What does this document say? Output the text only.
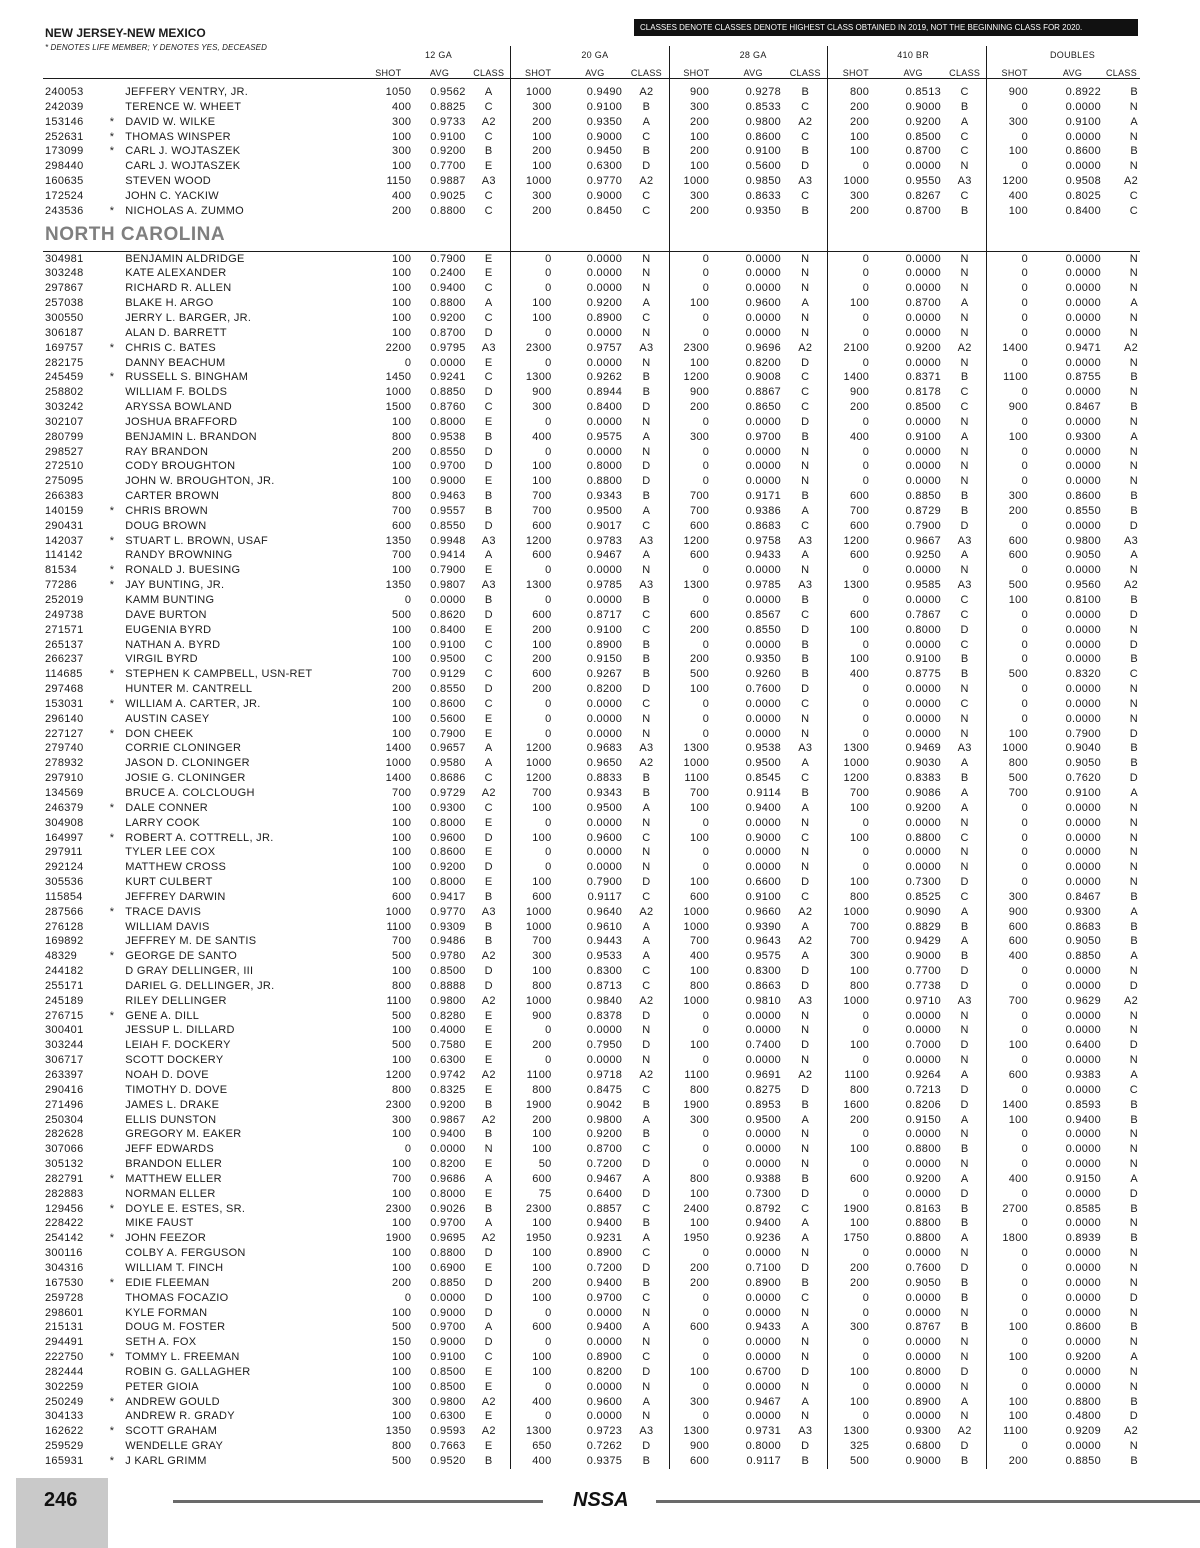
NEW JERSEY-NEW MEXICO
* DENOTES LIFE MEMBER; Y DENOTES YES, DECEASED
CLASSES DENOTE CLASSES DENOTE HIGHEST CLASS OBTAINED IN 2019, NOT THE BEGINNING CLASS FOR 2020.
				12 GA			20 GA			28 GA			410 BR			DOUBLES	
			SHOT	AVG	CLASS	SHOT	AVG	CLASS	SHOT	AVG	CLASS	SHOT	AVG	CLASS	SHOT	AVG	CLASS

240053		JEFFERY VENTRY, JR.	1050	0.9562	A	1000	0.9490	A2	900	0.9278	B	800	0.8513	C	900	0.8922	B
242039		TERENCE W. WHEET	400	0.8825	C	300	0.9100	B	300	0.8533	C	200	0.9000	B	0	0.0000	N
153146	*	DAVID W. WILKE	300	0.9733	A2	200	0.9350	A	200	0.9800	A2	200	0.9200	A	300	0.9100	A
252631	*	THOMAS WINSPER	100	0.9100	C	100	0.9000	C	100	0.8600	C	100	0.8500	C	0	0.0000	N
173099	*	CARL J. WOJTASZEK	300	0.9200	B	200	0.9450	B	200	0.9100	B	100	0.8700	C	100	0.8600	B
298440		CARL J. WOJTASZEK	100	0.7700	E	100	0.6300	D	100	0.5600	D	0	0.0000	N	0	0.0000	N
160635		STEVEN WOOD	1150	0.9887	A3	1000	0.9770	A2	1000	0.9850	A3	1000	0.9550	A3	1200	0.9508	A2
172524		JOHN C. YACKIW	400	0.9025	C	300	0.9000	C	300	0.8633	C	300	0.8267	C	400	0.8025	C
243536	*	NICHOLAS A. ZUMMO	200	0.8800	C	200	0.8450	C	200	0.9350	B	200	0.8700	B	100	0.8400	C
NORTH CAROLINA																	
304981		BENJAMIN ALDRIDGE	100	0.7900	E	0	0.0000	N	0	0.0000	N	0	0.0000	N	0	0.0000	N
303248		KATE ALEXANDER	100	0.2400	E	0	0.0000	N	0	0.0000	N	0	0.0000	N	0	0.0000	N
297867		RICHARD R. ALLEN	100	0.9400	C	0	0.0000	N	0	0.0000	N	0	0.0000	N	0	0.0000	N
257038		BLAKE H. ARGO	100	0.8800	A	100	0.9200	A	100	0.9600	A	100	0.8700	A	0	0.0000	A
300550		JERRY L. BARGER, JR.	100	0.9200	C	100	0.8900	C	0	0.0000	N	0	0.0000	N	0	0.0000	N
306187		ALAN D. BARRETT	100	0.8700	D	0	0.0000	N	0	0.0000	N	0	0.0000	N	0	0.0000	N
169757	*	CHRIS C. BATES	2200	0.9795	A3	2300	0.9757	A3	2300	0.9696	A2	2100	0.9200	A2	1400	0.9471	A2
282175		DANNY BEACHUM	0	0.0000	E	0	0.0000	N	100	0.8200	D	0	0.0000	N	0	0.0000	N
245459	*	RUSSELL S. BINGHAM	1450	0.9241	C	1300	0.9262	B	1200	0.9008	C	1400	0.8371	B	1100	0.8755	B
258802		WILLIAM F. BOLDS	1000	0.8850	D	900	0.8944	B	900	0.8867	C	900	0.8178	C	0	0.0000	N
303242		ARYSSA BOWLAND	1500	0.8760	C	300	0.8400	D	200	0.8650	C	200	0.8500	C	900	0.8467	B
302107		JOSHUA BRAFFORD	100	0.8000	E	0	0.0000	N	0	0.0000	D	0	0.0000	N	0	0.0000	N
280799		BENJAMIN L. BRANDON	800	0.9538	B	400	0.9575	A	300	0.9700	B	400	0.9100	A	100	0.9300	A
298527		RAY BRANDON	200	0.8550	D	0	0.0000	N	0	0.0000	N	0	0.0000	N	0	0.0000	N
272510		CODY BROUGHTON	100	0.9700	D	100	0.8000	D	0	0.0000	N	0	0.0000	N	0	0.0000	N
275095		JOHN W. BROUGHTON, JR.	100	0.9000	E	100	0.8800	D	0	0.0000	N	0	0.0000	N	0	0.0000	N
266383		CARTER BROWN	800	0.9463	B	700	0.9343	B	700	0.9171	B	600	0.8850	B	300	0.8600	B
140159	*	CHRIS BROWN	700	0.9557	B	700	0.9500	A	700	0.9386	A	700	0.8729	B	200	0.8550	B
290431		DOUG BROWN	600	0.8550	D	600	0.9017	C	600	0.8683	C	600	0.7900	D	0	0.0000	D
142037	*	STUART L. BROWN, USAF	1350	0.9948	A3	1200	0.9783	A3	1200	0.9758	A3	1200	0.9667	A3	600	0.9800	A3
114142		RANDY BROWNING	700	0.9414	A	600	0.9467	A	600	0.9433	A	600	0.9250	A	600	0.9050	A
81534	*	RONALD J. BUESING	100	0.7900	E	0	0.0000	N	0	0.0000	N	0	0.0000	N	0	0.0000	N
77286	*	JAY BUNTING, JR.	1350	0.9807	A3	1300	0.9785	A3	1300	0.9785	A3	1300	0.9585	A3	500	0.9560	A2
252019		KAMM BUNTING	0	0.0000	B	0	0.0000	B	0	0.0000	B	0	0.0000	C	100	0.8100	B
249738		DAVE BURTON	500	0.8620	D	600	0.8717	C	600	0.8567	C	600	0.7867	C	0	0.0000	D
271571		EUGENIA BYRD	100	0.8400	E	200	0.9100	C	200	0.8550	D	100	0.8000	D	0	0.0000	N
265137		NATHAN A. BYRD	100	0.9100	C	100	0.8900	B	0	0.0000	B	0	0.0000	C	0	0.0000	D
266237		VIRGIL BYRD	100	0.9500	C	200	0.9150	B	200	0.9350	B	100	0.9100	B	0	0.0000	B
114685	*	STEPHEN K CAMPBELL, USN-RET	700	0.9129	C	600	0.9267	B	500	0.9260	B	400	0.8775	B	500	0.8320	C
297468		HUNTER M. CANTRELL	200	0.8550	D	200	0.8200	D	100	0.7600	D	0	0.0000	N	0	0.0000	N
153031	*	WILLIAM A. CARTER, JR.	100	0.8600	C	0	0.0000	C	0	0.0000	C	0	0.0000	C	0	0.0000	N
296140		AUSTIN CASEY	100	0.5600	E	0	0.0000	N	0	0.0000	N	0	0.0000	N	0	0.0000	N
227127	*	DON CHEEK	100	0.7900	E	0	0.0000	N	0	0.0000	N	0	0.0000	N	100	0.7900	D
279740		CORRIE CLONINGER	1400	0.9657	A	1200	0.9683	A3	1300	0.9538	A3	1300	0.9469	A3	1000	0.9040	B
278932		JASON D. CLONINGER	1000	0.9580	A	1000	0.9650	A2	1000	0.9500	A	1000	0.9030	A	800	0.9050	B
297910		JOSIE G. CLONINGER	1400	0.8686	C	1200	0.8833	B	1100	0.8545	C	1200	0.8383	B	500	0.7620	D
134569		BRUCE A. COLCLOUGH	700	0.9729	A2	700	0.9343	B	700	0.9114	B	700	0.9086	A	700	0.9100	A
246379	*	DALE CONNER	100	0.9300	C	100	0.9500	A	100	0.9400	A	100	0.9200	A	0	0.0000	N
304908		LARRY COOK	100	0.8000	E	0	0.0000	N	0	0.0000	N	0	0.0000	N	0	0.0000	N
164997	*	ROBERT A. COTTRELL, JR.	100	0.9600	D	100	0.9600	C	100	0.9000	C	100	0.8800	C	0	0.0000	N
297911		TYLER LEE COX	100	0.8600	E	0	0.0000	N	0	0.0000	N	0	0.0000	N	0	0.0000	N
292124		MATTHEW CROSS	100	0.9200	D	0	0.0000	N	0	0.0000	N	0	0.0000	N	0	0.0000	N
305536		KURT CULBERT	100	0.8000	E	100	0.7900	D	100	0.6600	D	100	0.7300	D	0	0.0000	N
115854		JEFFREY DARWIN	600	0.9417	B	600	0.9117	C	600	0.9100	C	800	0.8525	C	300	0.8467	B
287566	*	TRACE DAVIS	1000	0.9770	A3	1000	0.9640	A2	1000	0.9660	A2	1000	0.9090	A	900	0.9300	A
276128		WILLIAM DAVIS	1100	0.9309	B	1000	0.9610	A	1000	0.9390	A	700	0.8829	B	600	0.8683	B
169892		JEFFREY M. DE SANTIS	700	0.9486	B	700	0.9443	A	700	0.9643	A2	700	0.9429	A	600	0.9050	B
48329	*	GEORGE DE SANTO	500	0.9780	A2	300	0.9533	A	400	0.9575	A	300	0.9000	B	400	0.8850	A
244182		D GRAY DELLINGER, III	100	0.8500	D	100	0.8300	C	100	0.8300	D	100	0.7700	D	0	0.0000	N
255171		DARIEL G. DELLINGER, JR.	800	0.8888	D	800	0.8713	C	800	0.8663	D	800	0.7738	D	0	0.0000	D
245189		RILEY DELLINGER	1100	0.9800	A2	1000	0.9840	A2	1000	0.9810	A3	1000	0.9710	A3	700	0.9629	A2
276715	*	GENE A. DILL	500	0.8280	E	900	0.8378	D	0	0.0000	N	0	0.0000	N	0	0.0000	N
300401		JESSUP L. DILLARD	100	0.4000	E	0	0.0000	N	0	0.0000	N	0	0.0000	N	0	0.0000	N
303244		LEIAH F. DOCKERY	500	0.7580	E	200	0.7950	D	100	0.7400	D	100	0.7000	D	100	0.6400	D
306717		SCOTT DOCKERY	100	0.6300	E	0	0.0000	N	0	0.0000	N	0	0.0000	N	0	0.0000	N
263397		NOAH D. DOVE	1200	0.9742	A2	1100	0.9718	A2	1100	0.9691	A2	1100	0.9264	A	600	0.9383	A
290416		TIMOTHY D. DOVE	800	0.8325	E	800	0.8475	C	800	0.8275	D	800	0.7213	D	0	0.0000	C
271496		JAMES L. DRAKE	2300	0.9200	B	1900	0.9042	B	1900	0.8953	B	1600	0.8206	D	1400	0.8593	B
250304		ELLIS DUNSTON	300	0.9867	A2	200	0.9800	A	300	0.9500	A	200	0.9150	A	100	0.9400	B
282628		GREGORY M. EAKER	100	0.9400	B	100	0.9200	B	0	0.0000	N	0	0.0000	N	0	0.0000	N
307066		JEFF EDWARDS	0	0.0000	N	100	0.8700	C	0	0.0000	N	100	0.8800	B	0	0.0000	N
305132		BRANDON ELLER	100	0.8200	E	50	0.7200	D	0	0.0000	N	0	0.0000	N	0	0.0000	N
282791	*	MATTHEW ELLER	700	0.9686	A	600	0.9467	A	800	0.9388	B	600	0.9200	A	400	0.9150	A
282883		NORMAN ELLER	100	0.8000	E	75	0.6400	D	100	0.7300	D	0	0.0000	D	0	0.0000	D
129456	*	DOYLE E. ESTES, SR.	2300	0.9026	B	2300	0.8857	C	2400	0.8792	C	1900	0.8163	B	2700	0.8585	B
228422		MIKE FAUST	100	0.9700	A	100	0.9400	B	100	0.9400	A	100	0.8800	B	0	0.0000	N
254142	*	JOHN FEEZOR	1900	0.9695	A2	1950	0.9231	A	1950	0.9236	A	1750	0.8800	A	1800	0.8939	B
300116		COLBY A. FERGUSON	100	0.8800	D	100	0.8900	C	0	0.0000	N	0	0.0000	N	0	0.0000	N
304316		WILLIAM T. FINCH	100	0.6900	E	100	0.7200	D	200	0.7100	D	200	0.7600	D	0	0.0000	N
167530	*	EDIE FLEEMAN	200	0.8850	D	200	0.9400	B	200	0.8900	B	200	0.9050	B	0	0.0000	N
259728		THOMAS FOCAZIO	0	0.0000	D	100	0.9700	C	0	0.0000	C	0	0.0000	B	0	0.0000	D
298601		KYLE FORMAN	100	0.9000	D	0	0.0000	N	0	0.0000	N	0	0.0000	N	0	0.0000	N
215131		DOUG M. FOSTER	500	0.9700	A	600	0.9400	A	600	0.9433	A	300	0.8767	B	100	0.8600	B
294491		SETH A. FOX	150	0.9000	D	0	0.0000	N	0	0.0000	N	0	0.0000	N	0	0.0000	N
222750	*	TOMMY L. FREEMAN	100	0.9100	C	100	0.8900	C	0	0.0000	N	0	0.0000	N	100	0.9200	A
282444		ROBIN G. GALLAGHER	100	0.8500	E	100	0.8200	D	100	0.6700	D	100	0.8000	D	0	0.0000	N
302259		PETER GIOIA	100	0.8500	E	0	0.0000	N	0	0.0000	N	0	0.0000	N	0	0.0000	N
250249	*	ANDREW GOULD	300	0.9800	A2	400	0.9600	A	300	0.9467	A	100	0.8900	A	100	0.8800	B
304133		ANDREW R. GRADY	100	0.6300	E	0	0.0000	N	0	0.0000	N	0	0.0000	N	100	0.4800	D
162622	*	SCOTT GRAHAM	1350	0.9593	A2	1300	0.9723	A3	1300	0.9731	A3	1300	0.9300	A2	1100	0.9209	A2
259529		WENDELLE GRAY	800	0.7663	E	650	0.7262	D	900	0.8000	D	325	0.6800	D	0	0.0000	N
165931	*	J KARL GRIMM	500	0.9520	B	400	0.9375	B	600	0.9117	B	500	0.9000	B	200	0.8850	B
246	NSSA
